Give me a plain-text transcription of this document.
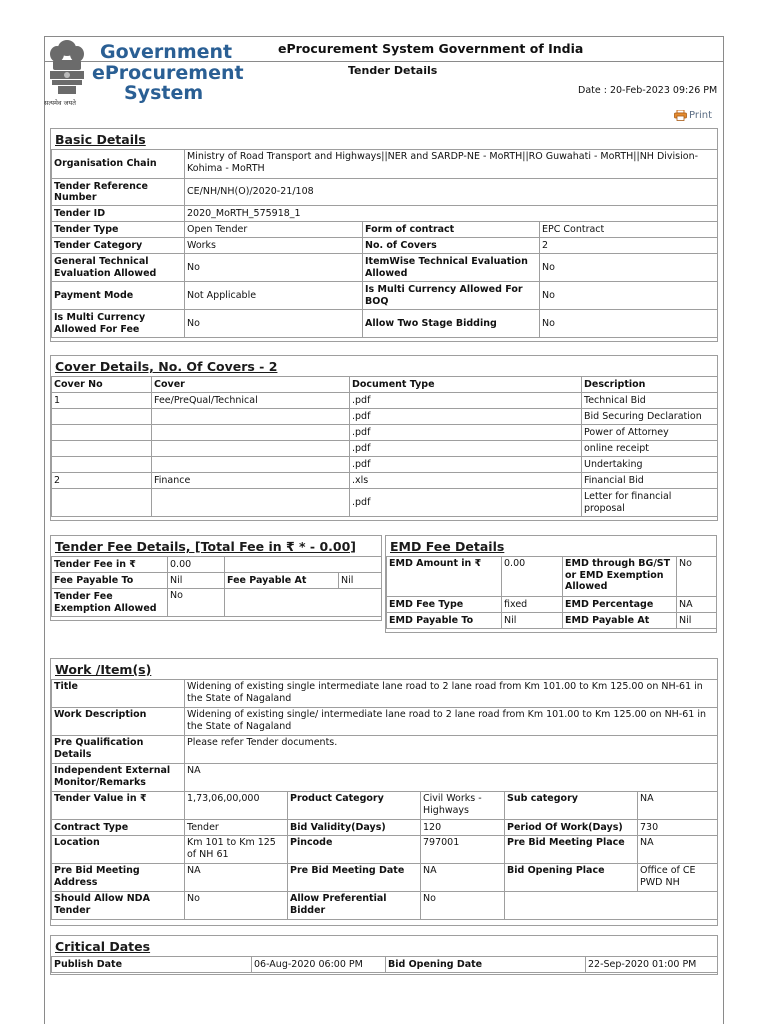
Government
eProcurement
System
सत्यमेव जयते
eProcurement System Government of India
Tender Details
Date : 20-Feb-2023 09:26 PM
Print
Basic Details
Organisation Chain	Ministry of Road Transport and Highways||NER and SARDP-NE - MoRTH||RO Guwahati - MoRTH||NH Division-Kohima - MoRTH		
Tender Reference Number	CE/NH/NH(O)/2020-21/108		
Tender ID	2020_MoRTH_575918_1		
Tender Type	Open Tender	Form of contract	EPC Contract
Tender Category	Works	No. of Covers	2
General Technical Evaluation Allowed	No	ItemWise Technical Evaluation Allowed	No
Payment Mode	Not Applicable	Is Multi Currency Allowed For BOQ	No
Is Multi Currency Allowed For Fee	No	Allow Two Stage Bidding	No
Cover Details, No. Of Covers - 2
Cover No	Cover	Document Type	Description
1	Fee/PreQual/Technical	.pdf	Technical Bid
		.pdf	Bid Securing Declaration
		.pdf	Power of Attorney
		.pdf	online receipt
		.pdf	Undertaking
2	Finance	.xls	Financial Bid
		.pdf	Letter for financial proposal
Tender Fee Details, [Total Fee in ₹ * - 0.00]
Tender Fee in ₹	0.00		
Fee Payable To	Nil	Fee Payable At	Nil
Tender Fee Exemption Allowed	No		
EMD Fee Details
EMD Amount in ₹	0.00	EMD through BG/ST or EMD Exemption Allowed	No
EMD Fee Type	fixed	EMD Percentage	NA
EMD Payable To	Nil	EMD Payable At	Nil
Work /Item(s)
Title	Widening of existing single intermediate lane road to 2 lane road from Km 101.00 to Km 125.00 on NH-61 in the State of Nagaland				
Work Description	Widening of existing single/ intermediate lane road to 2 lane road from Km 101.00 to Km 125.00 on NH-61 in the State of Nagaland				
Pre Qualification Details	Please refer Tender documents.				
Independent External Monitor/Remarks	NA				
Tender Value in ₹	1,73,06,00,000	Product Category	Civil Works - Highways	Sub category	NA
Contract Type	Tender	Bid Validity(Days)	120	Period Of Work(Days)	730
Location	Km 101 to Km 125 of NH 61	Pincode	797001	Pre Bid Meeting Place	NA
Pre Bid Meeting Address	NA	Pre Bid Meeting Date	NA	Bid Opening Place	Office of CE PWD NH
Should Allow NDA Tender	No	Allow Preferential Bidder	No		
Critical Dates
Publish Date	06-Aug-2020 06:00 PM	Bid Opening Date	22-Sep-2020 01:00 PM
